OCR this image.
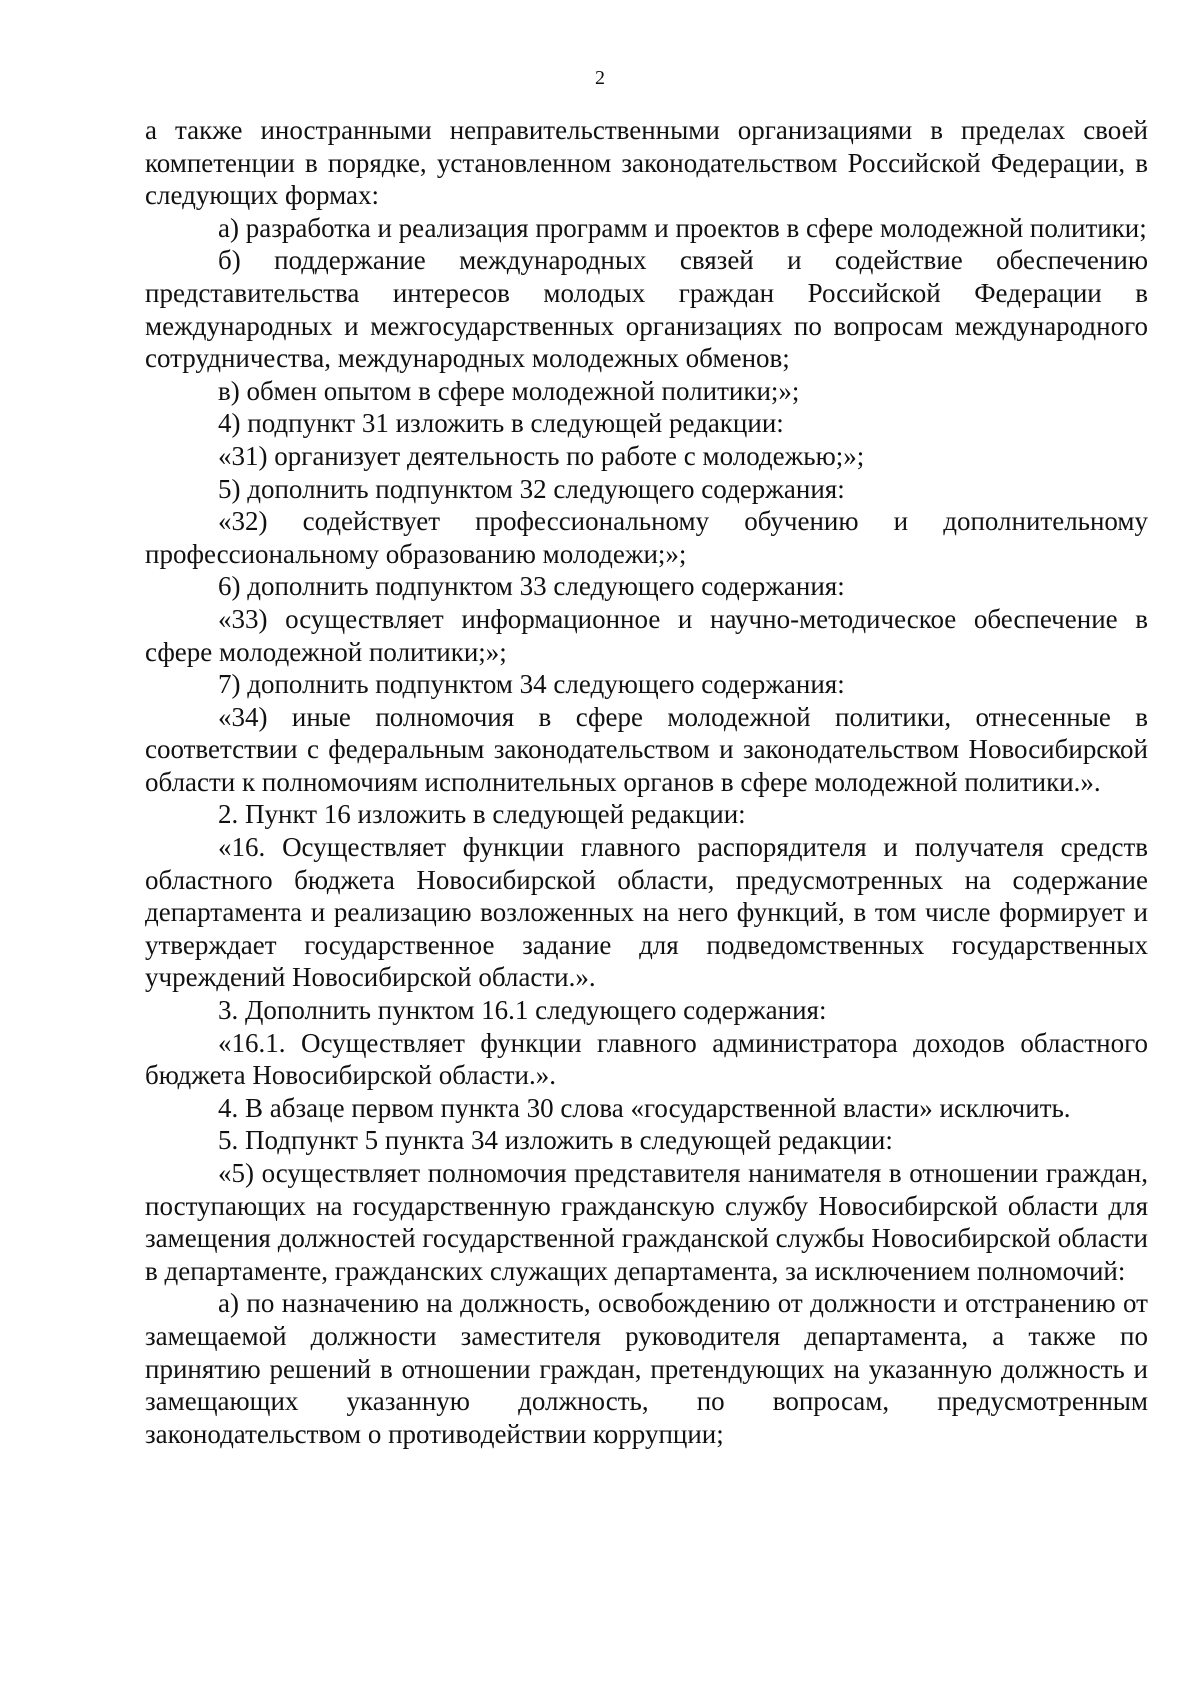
2

а также иностранными неправительственными организациями в пределах своей компетенции в порядке, установленном законодательством Российской Федерации, в следующих формах:

а) разработка и реализация программ и проектов в сфере молодежной политики;

б) поддержание международных связей и содействие обеспечению представительства интересов молодых граждан Российской Федерации в международных и межгосударственных организациях по вопросам международного сотрудничества, международных молодежных обменов;

в) обмен опытом в сфере молодежной политики;»;

4) подпункт 31 изложить в следующей редакции:

«31) организует деятельность по работе с молодежью;»;

5) дополнить подпунктом 32 следующего содержания:

«32) содействует профессиональному обучению и дополнительному профессиональному образованию молодежи;»;

6) дополнить подпунктом 33 следующего содержания:

«33) осуществляет информационное и научно-методическое обеспечение в сфере молодежной политики;»;

7) дополнить подпунктом 34 следующего содержания:

«34) иные полномочия в сфере молодежной политики, отнесенные в соответствии с федеральным законодательством и законодательством Новосибирской области к полномочиям исполнительных органов в сфере молодежной политики.».

2. Пункт 16 изложить в следующей редакции:

«16. Осуществляет функции главного распорядителя и получателя средств областного бюджета Новосибирской области, предусмотренных на содержание департамента и реализацию возложенных на него функций, в том числе формирует и утверждает государственное задание для подведомственных государственных учреждений Новосибирской области.».

3. Дополнить пунктом 16.1 следующего содержания:

«16.1. Осуществляет функции главного администратора доходов областного бюджета Новосибирской области.».

4. В абзаце первом пункта 30 слова «государственной власти» исключить.

5. Подпункт 5 пункта 34 изложить в следующей редакции:

«5) осуществляет полномочия представителя нанимателя в отношении граждан, поступающих на государственную гражданскую службу Новосибирской области для замещения должностей государственной гражданской службы Новосибирской области в департаменте, гражданских служащих департамента, за исключением полномочий:

а) по назначению на должность, освобождению от должности и отстранению от замещаемой должности заместителя руководителя департамента, а также по принятию решений в отношении граждан, претендующих на указанную должность и замещающих указанную должность, по вопросам, предусмотренным законодательством о противодействии коррупции;
